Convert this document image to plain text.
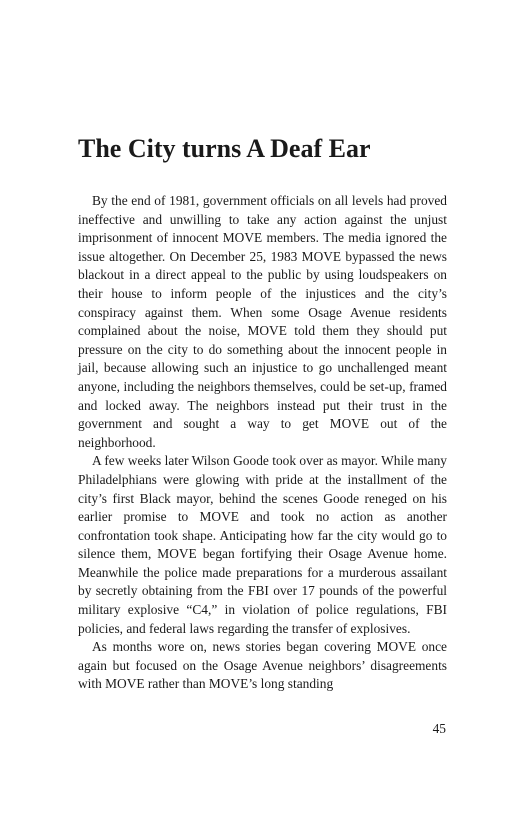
The City turns A Deaf Ear

By the end of 1981, government officials on all levels had proved ineffective and unwilling to take any action against the unjust imprisonment of innocent MOVE members. The media ignored the issue altogether. On December 25, 1983 MOVE bypassed the news blackout in a direct appeal to the public by using loudspeakers on their house to inform people of the injustices and the city’s conspiracy against them. When some Osage Avenue residents complained about the noise, MOVE told them they should put pressure on the city to do something about the innocent people in jail, because allowing such an injustice to go unchallenged meant anyone, including the neighbors themselves, could be set-up, framed and locked away. The neighbors instead put their trust in the government and sought a way to get MOVE out of the neighborhood.

A few weeks later Wilson Goode took over as mayor. While many Philadelphians were glowing with pride at the installment of the city’s first Black mayor, behind the scenes Goode reneged on his earlier promise to MOVE and took no action as another confrontation took shape. Anticipating how far the city would go to silence them, MOVE began fortifying their Osage Avenue home. Meanwhile the police made preparations for a murderous assailant by secretly obtaining from the FBI over 17 pounds of the powerful military explosive “C4,” in violation of police regulations, FBI policies, and federal laws regarding the transfer of explosives.

As months wore on, news stories began covering MOVE once again but focused on the Osage Avenue neighbors’ disagreements with MOVE rather than MOVE’s long standing

45
